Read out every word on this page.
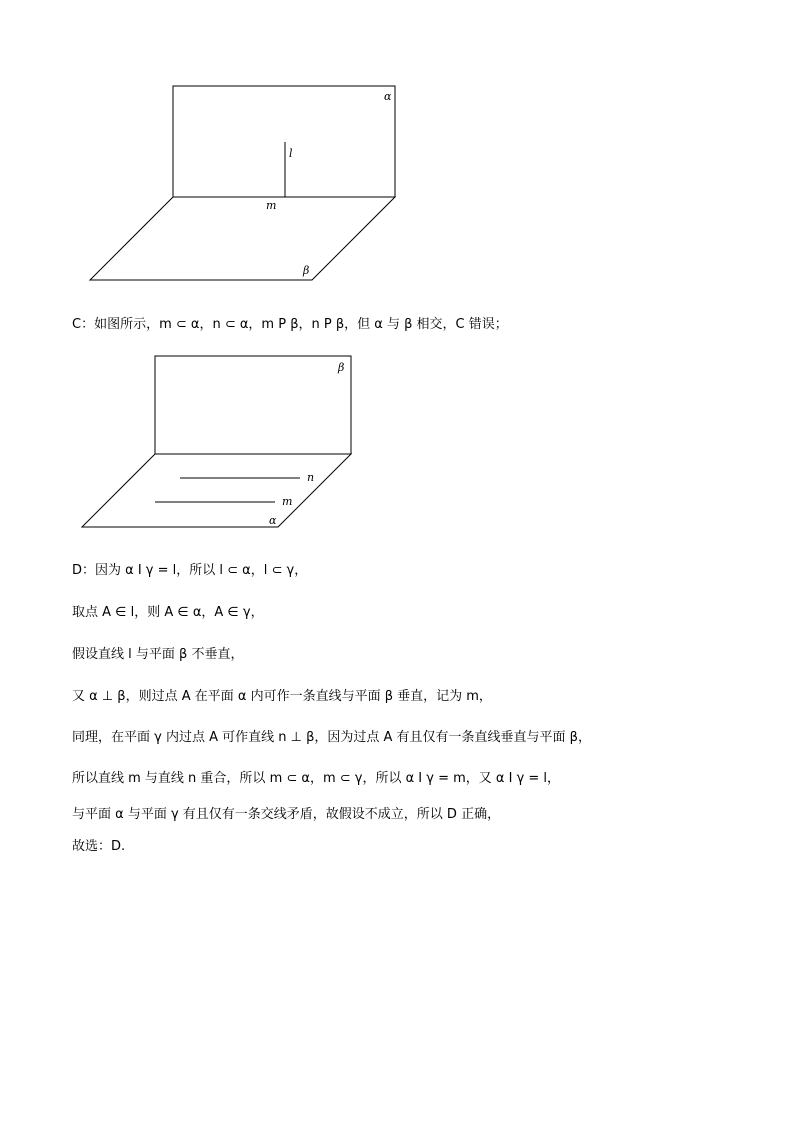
α
l
m
β
C：如图所示，m ⊂ α，n ⊂ α，m P β，n P β，但 α 与 β 相交，C 错误；
β
n
m
α
D：因为 α I γ = l，所以 l ⊂ α，l ⊂ γ，
取点 A ∈ l，则 A ∈ α，A ∈ γ，
假设直线 l 与平面 β 不垂直，
又 α ⊥ β，则过点 A 在平面 α 内可作一条直线与平面 β 垂直，记为 m，
同理，在平面 γ 内过点 A 可作直线 n ⊥ β，因为过点 A 有且仅有一条直线垂直与平面 β，
所以直线 m 与直线 n 重合，所以 m ⊂ α，m ⊂ γ，所以 α I γ = m，又 α I γ = l，
与平面 α 与平面 γ 有且仅有一条交线矛盾，故假设不成立，所以 D 正确，
故选：D.
